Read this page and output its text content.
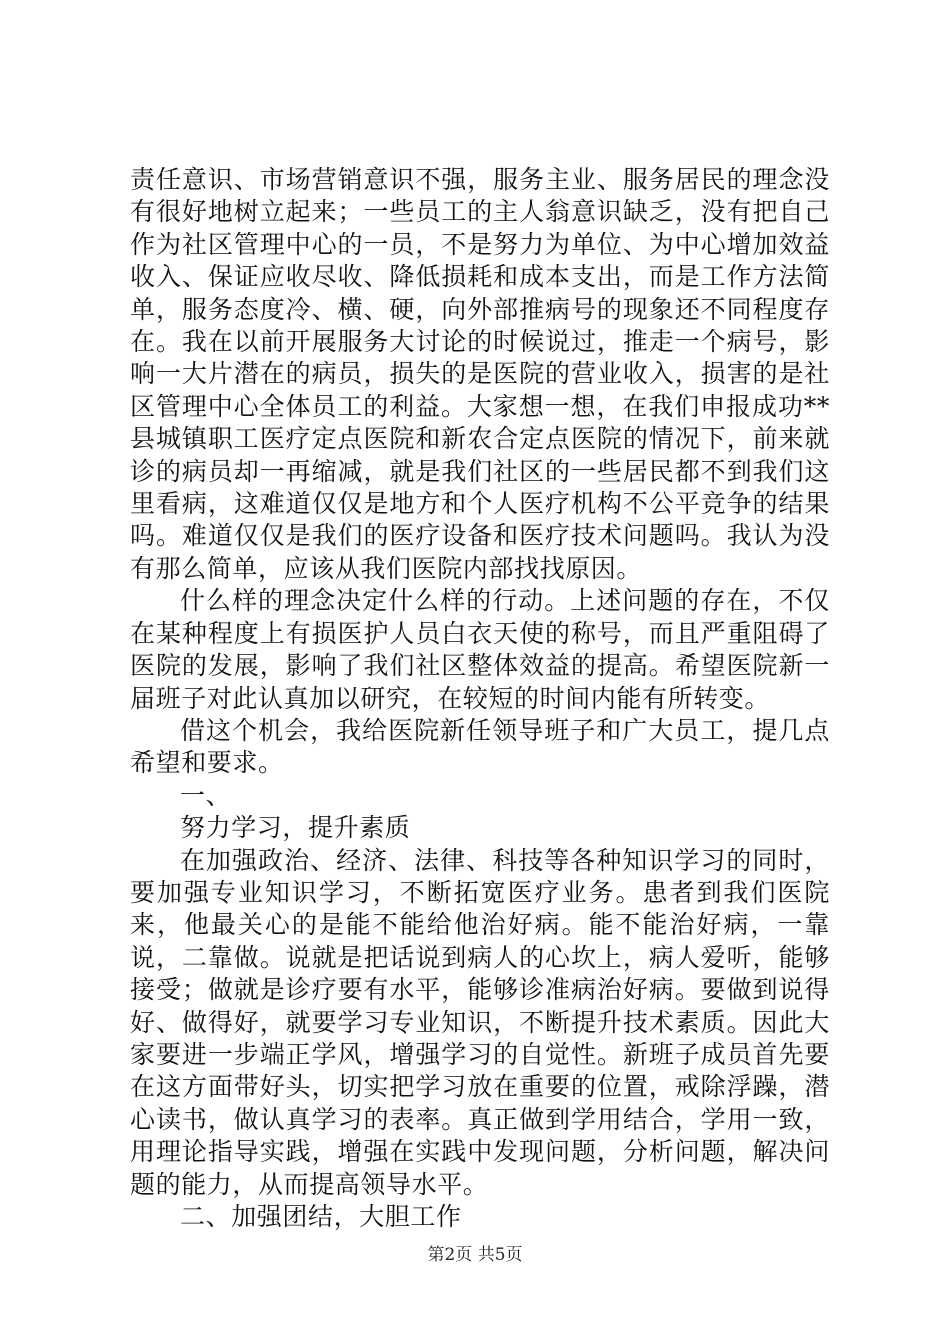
责任意识、市场营销意识不强，服务主业、服务居民的理念没有很好地树立起来；一些员工的主人翁意识缺乏，没有把自己作为社区管理中心的一员，不是努力为单位、为中心增加效益收入、保证应收尽收、降低损耗和成本支出，而是工作方法简单，服务态度冷、横、硬，向外部推病号的现象还不同程度存在。我在以前开展服务大讨论的时候说过，推走一个病号，影响一大片潜在的病员，损失的是医院的营业收入，损害的是社区管理中心全体员工的利益。大家想一想，在我们申报成功**县城镇职工医疗定点医院和新农合定点医院的情况下，前来就诊的病员却一再缩减，就是我们社区的一些居民都不到我们这里看病，这难道仅仅是地方和个人医疗机构不公平竞争的结果吗。难道仅仅是我们的医疗设备和医疗技术问题吗。我认为没有那么简单，应该从我们医院内部找找原因。

什么样的理念决定什么样的行动。上述问题的存在，不仅在某种程度上有损医护人员白衣天使的称号，而且严重阻碍了医院的发展，影响了我们社区整体效益的提高。希望医院新一届班子对此认真加以研究，在较短的时间内能有所转变。

借这个机会，我给医院新任领导班子和广大员工，提几点希望和要求。

一、

努力学习，提升素质

在加强政治、经济、法律、科技等各种知识学习的同时，要加强专业知识学习，不断拓宽医疗业务。患者到我们医院来，他最关心的是能不能给他治好病。能不能治好病，一靠说，二靠做。说就是把话说到病人的心坎上，病人爱听，能够接受；做就是诊疗要有水平，能够诊准病治好病。要做到说得好、做得好，就要学习专业知识，不断提升技术素质。因此大家要进一步端正学风，增强学习的自觉性。新班子成员首先要在这方面带好头，切实把学习放在重要的位置，戒除浮躁，潜心读书，做认真学习的表率。真正做到学用结合，学用一致，用理论指导实践，增强在实践中发现问题，分析问题，解决问题的能力，从而提高领导水平。

二、加强团结，大胆工作

第2页 共5页
